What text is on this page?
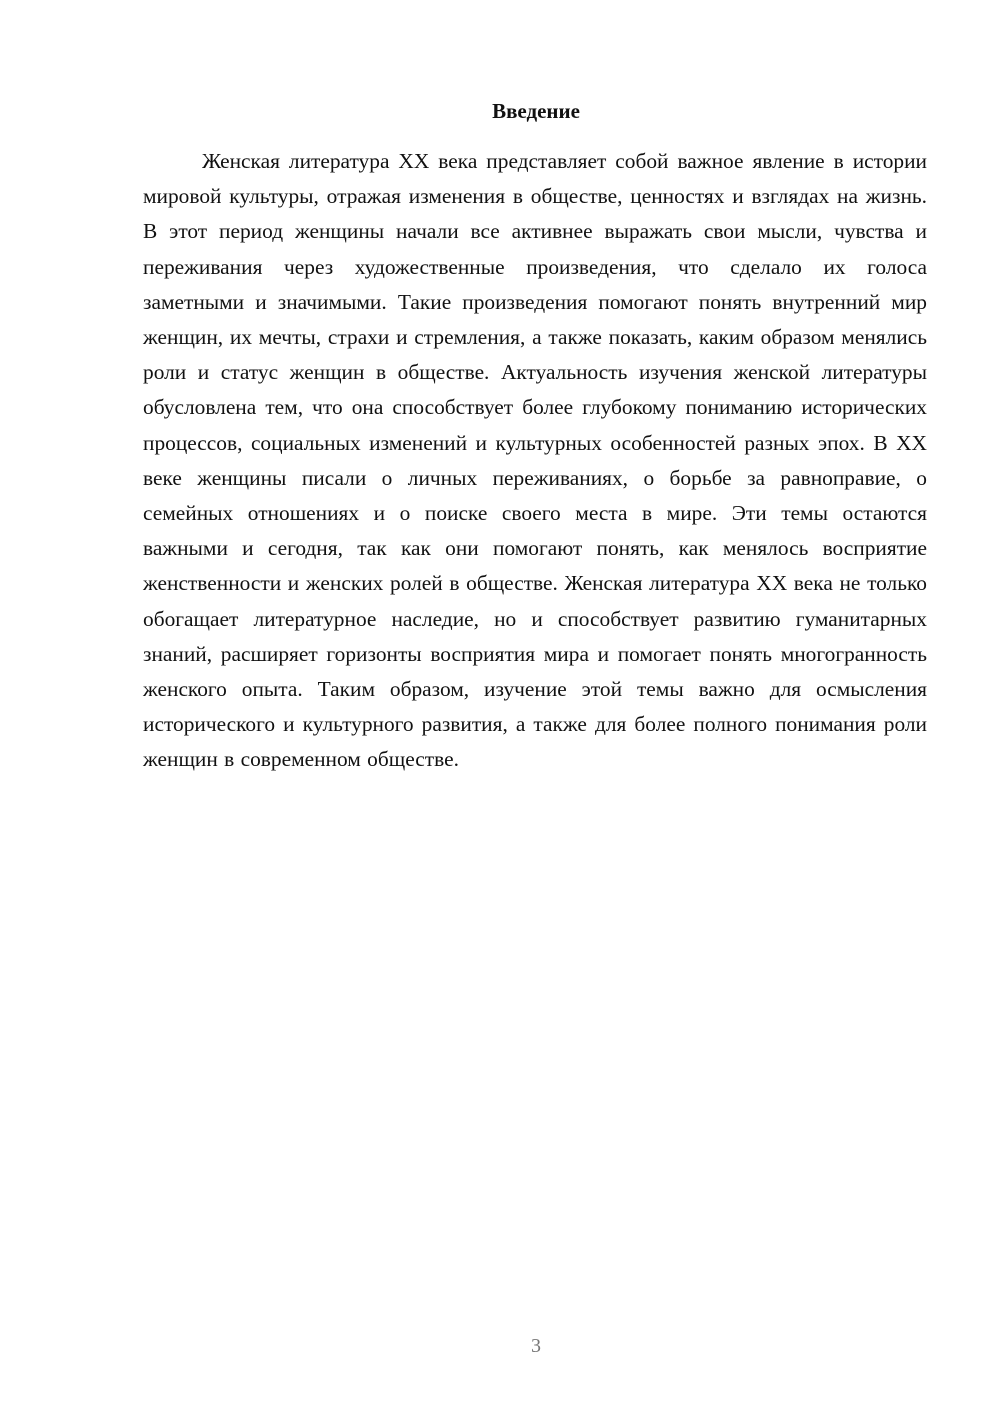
Введение

Женская литература XX века представляет собой важное явление в истории мировой культуры, отражая изменения в обществе, ценностях и взглядах на жизнь. В этот период женщины начали все активнее выражать свои мысли, чувства и переживания через художественные произведения, что сделало их голоса заметными и значимыми. Такие произведения помогают понять внутренний мир женщин, их мечты, страхи и стремления, а также показать, каким образом менялись роли и статус женщин в обществе. Актуальность изучения женской литературы обусловлена тем, что она способствует более глубокому пониманию исторических процессов, социальных изменений и культурных особенностей разных эпох. В XX веке женщины писали о личных переживаниях, о борьбе за равноправие, о семейных отношениях и о поиске своего места в мире. Эти темы остаются важными и сегодня, так как они помогают понять, как менялось восприятие женственности и женских ролей в обществе. Женская литература XX века не только обогащает литературное наследие, но и способствует развитию гуманитарных знаний, расширяет горизонты восприятия мира и помогает понять многогранность женского опыта. Таким образом, изучение этой темы важно для осмысления исторического и культурного развития, а также для более полного понимания роли женщин в современном обществе.

3
